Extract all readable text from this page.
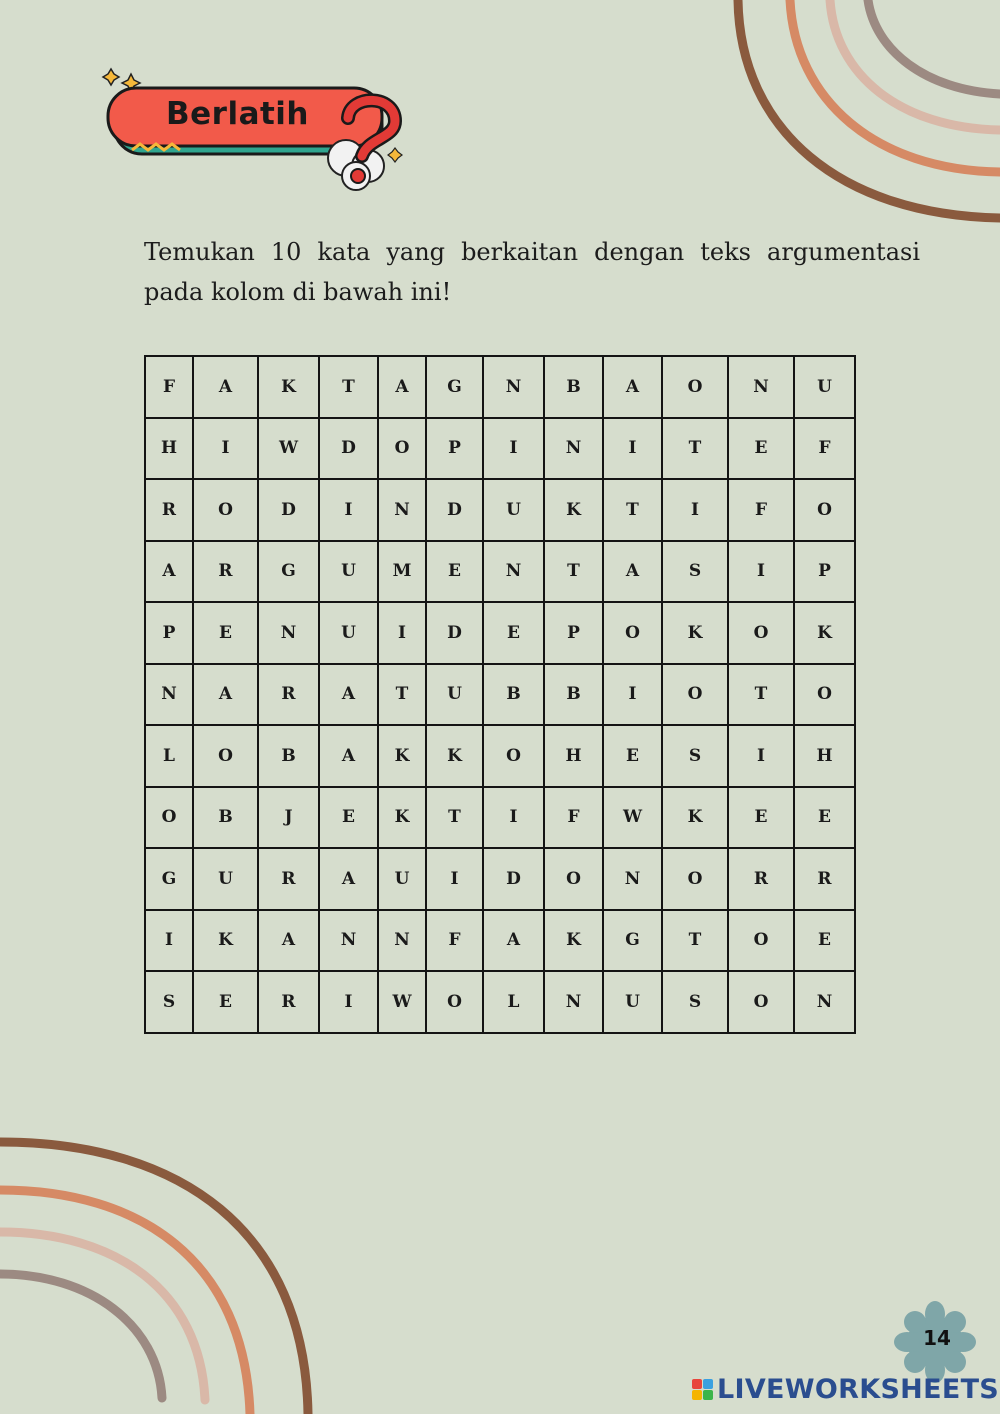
Berlatih
Temukan 10 kata yang berkaitan dengan teks argumentasi pada kolom di bawah ini!
F	A	K	T	A	G	N	B	A	O	N	U
H	I	W	D	O	P	I	N	I	T	E	F
R	O	D	I	N	D	U	K	T	I	F	O
A	R	G	U	M	E	N	T	A	S	I	P
P	E	N	U	I	D	E	P	O	K	O	K
N	A	R	A	T	U	B	B	I	O	T	O
L	O	B	A	K	K	O	H	E	S	I	H
O	B	J	E	K	T	I	F	W	K	E	E
G	U	R	A	U	I	D	O	N	O	R	R
I	K	A	N	N	F	A	K	G	T	O	E
S	E	R	I	W	O	L	N	U	S	O	N
14
LIVEWORKSHEETS
